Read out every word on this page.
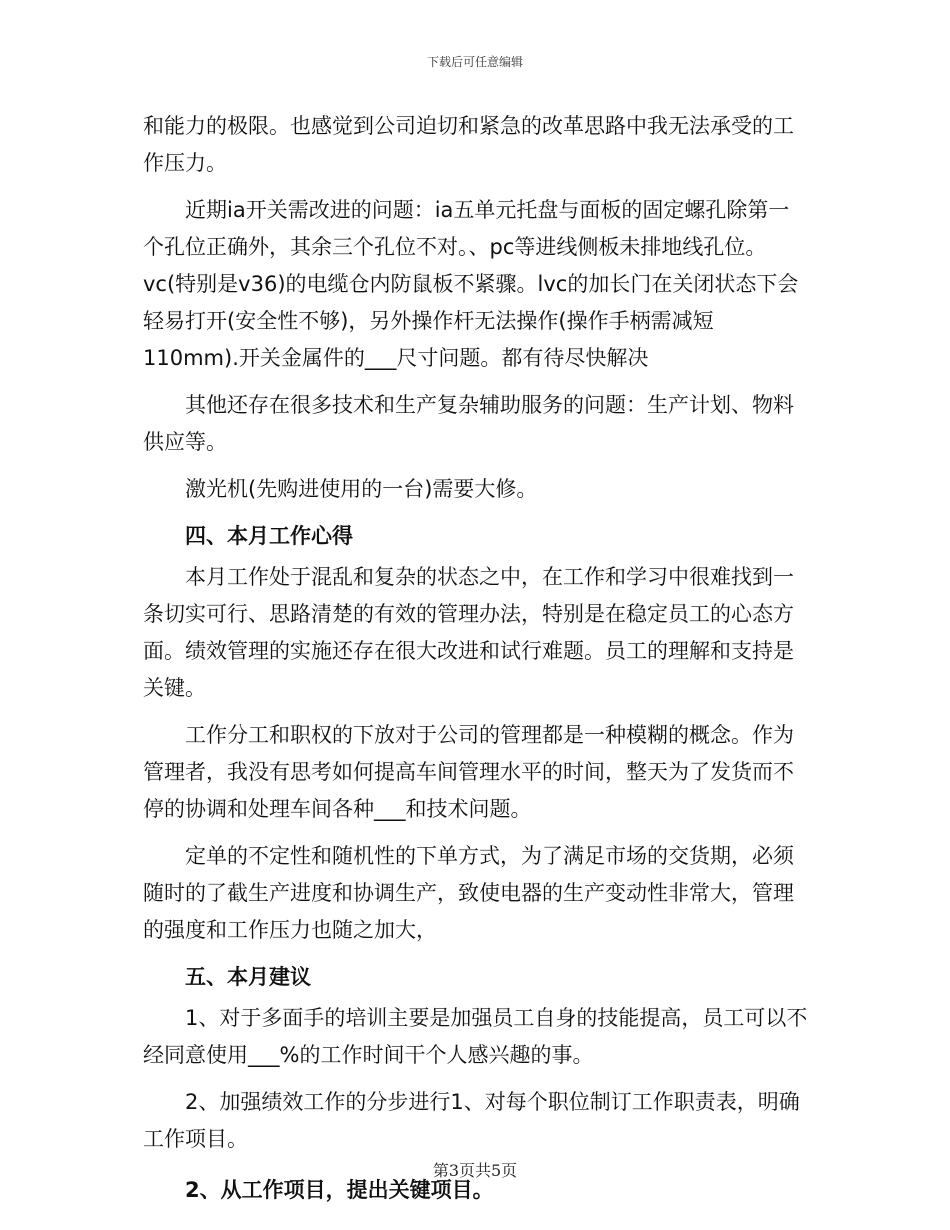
下载后可任意编辑

和能力的极限。也感觉到公司迫切和紧急的改革思路中我无法承受的工作压力。

近期ia开关需改进的问题：ia五单元托盘与面板的固定螺孔除第一个孔位正确外，其余三个孔位不对。、pc等进线侧板未排地线孔位。vc(特别是v36)的电缆仓内防鼠板不紧骤。lvc的加长门在关闭状态下会轻易打开(安全性不够)，另外操作杆无法操作(操作手柄需减短110mm).开关金属件的___尺寸问题。都有待尽快解决

其他还存在很多技术和生产复杂辅助服务的问题：生产计划、物料供应等。

激光机(先购进使用的一台)需要大修。

四、本月工作心得

本月工作处于混乱和复杂的状态之中，在工作和学习中很难找到一条切实可行、思路清楚的有效的管理办法，特别是在稳定员工的心态方面。绩效管理的实施还存在很大改进和试行难题。员工的理解和支持是关键。

工作分工和职权的下放对于公司的管理都是一种模糊的概念。作为管理者，我没有思考如何提高车间管理水平的时间，整天为了发货而不停的协调和处理车间各种___和技术问题。

定单的不定性和随机性的下单方式，为了满足市场的交货期，必须随时的了截生产进度和协调生产，致使电器的生产变动性非常大，管理的强度和工作压力也随之加大，

五、本月建议

1、对于多面手的培训主要是加强员工自身的技能提高，员工可以不经同意使用___%的工作时间干个人感兴趣的事。

2、加强绩效工作的分步进行1、对每个职位制订工作职责表，明确工作项目。

2、从工作项目，提出关键项目。

第3页共5页
